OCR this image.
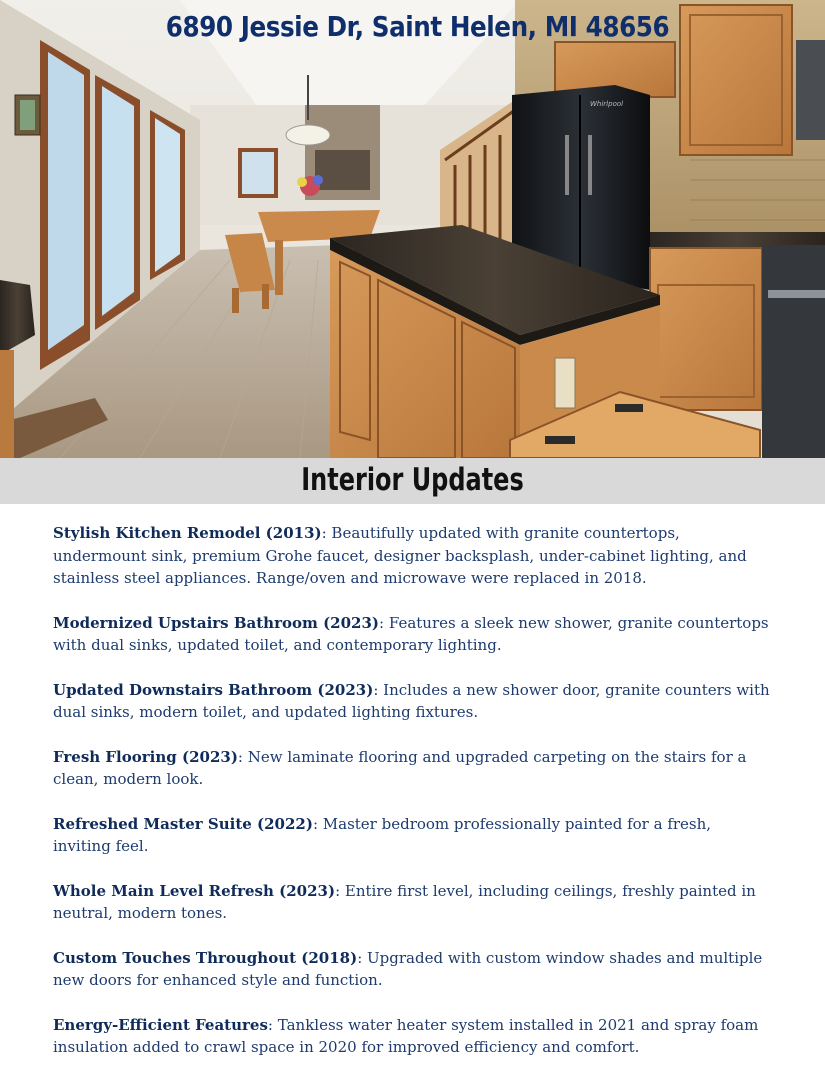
Whirlpool
6890 Jessie Dr, Saint Helen, MI 48656
Interior Updates
Stylish Kitchen Remodel (2013): Beautifully updated with granite countertops, undermount sink, premium Grohe faucet, designer backsplash, under-cabinet lighting, and stainless steel appliances. Range/oven and microwave were replaced in 2018.
Modernized Upstairs Bathroom (2023): Features a sleek new shower, granite countertops with dual sinks, updated toilet, and contemporary lighting.
Updated Downstairs Bathroom (2023): Includes a new shower door, granite counters with dual sinks, modern toilet, and updated lighting fixtures.
Fresh Flooring (2023): New laminate flooring and upgraded carpeting on the stairs for a clean, modern look.
Refreshed Master Suite (2022): Master bedroom professionally painted for a fresh, inviting feel.
Whole Main Level Refresh (2023): Entire first level, including ceilings, freshly painted in neutral, modern tones.
Custom Touches Throughout (2018): Upgraded with custom window shades and multiple new doors for enhanced style and function.
Energy-Efficient Features: Tankless water heater system installed in 2021 and spray foam insulation added to crawl space in 2020 for improved efficiency and comfort.
